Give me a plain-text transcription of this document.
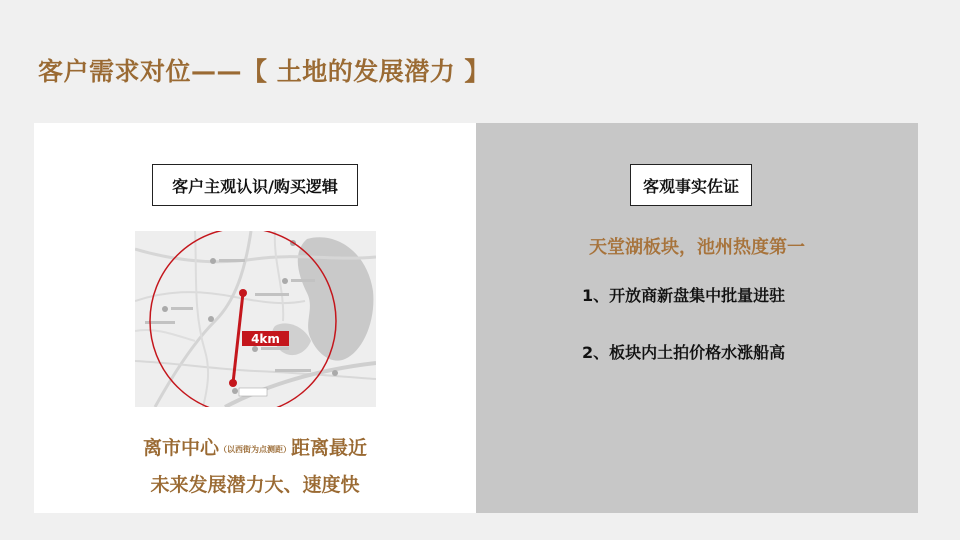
客户需求对位——【 土地的发展潜力 】
客户主观认识/购买逻辑
4km
离市中心（以西街为点测距）距离最近
未来发展潜力大、速度快
客观事实佐证
天堂湖板块，池州热度第一
1、开放商新盘集中批量进驻
2、板块内土拍价格水涨船高
